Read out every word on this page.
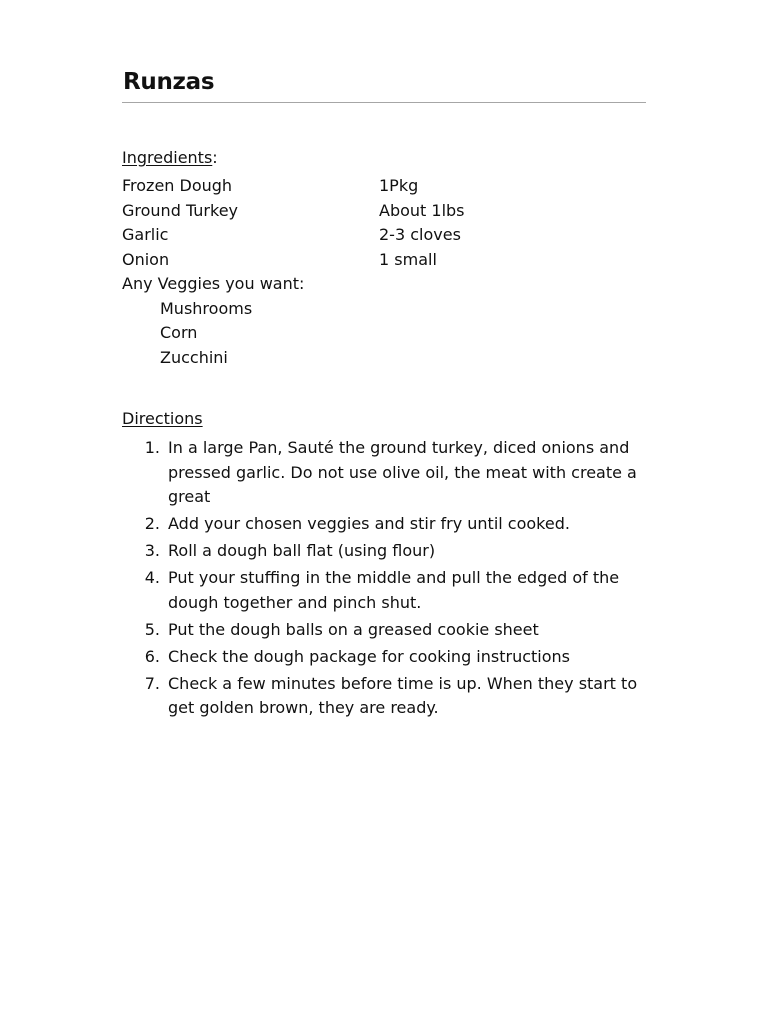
Runzas
Ingredients:
Frozen Dough	1Pkg
Ground Turkey	About 1lbs
Garlic	2-3 cloves
Onion	1 small
Any Veggies you want:
Mushrooms
Corn
Zucchini
Directions
1. In a large Pan, Sauté the ground turkey, diced onions and pressed garlic. Do not use olive oil, the meat with create a great
2. Add your chosen veggies and stir fry until cooked.
3. Roll a dough ball flat (using flour)
4. Put your stuffing in the middle and pull the edged of the dough together and pinch shut.
5. Put the dough balls on a greased cookie sheet
6. Check the dough package for cooking instructions
7. Check a few minutes before time is up. When they start to get golden brown, they are ready.
